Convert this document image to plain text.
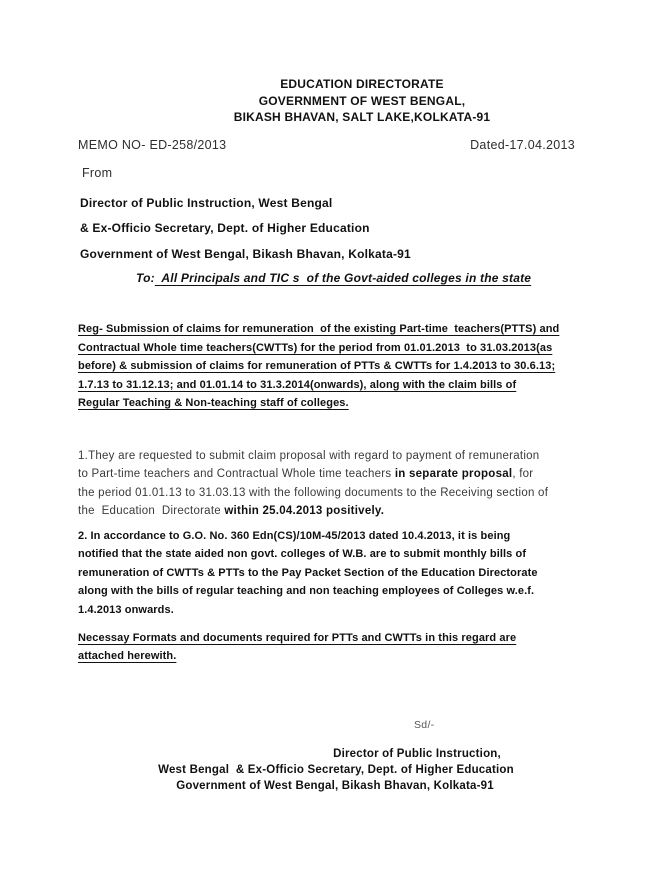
EDUCATION DIRECTORATE
GOVERNMENT OF WEST BENGAL,
BIKASH BHAVAN, SALT LAKE,KOLKATA-91
MEMO NO- ED-258/2013	Dated-17.04.2013
From
Director of Public Instruction, West Bengal
& Ex-Officio Secretary, Dept. of Higher Education
Government of West Bengal, Bikash Bhavan, Kolkata-91
To:  All Principals and TIC s  of the Govt-aided colleges in the state
Reg- Submission of claims for remuneration  of the existing Part-time  teachers(PTTS) and
Contractual Whole time teachers(CWTTs) for the period from 01.01.2013  to 31.03.2013(as
before) & submission of claims for remuneration of PTTs & CWTTs for 1.4.2013 to 30.6.13;
1.7.13 to 31.12.13; and 01.01.14 to 31.3.2014(onwards), along with the claim bills of
Regular Teaching & Non-teaching staff of colleges.
1.They are requested to submit claim proposal with regard to payment of remuneration
to Part-time teachers and Contractual Whole time teachers in separate proposal, for
the period 01.01.13 to 31.03.13 with the following documents to the Receiving section of
the  Education  Directorate within 25.04.2013 positively.
2. In accordance to G.O. No. 360 Edn(CS)/10M-45/2013 dated 10.4.2013, it is being
notified that the state aided non govt. colleges of W.B. are to submit monthly bills of
remuneration of CWTTs & PTTs to the Pay Packet Section of the Education Directorate
along with the bills of regular teaching and non teaching employees of Colleges w.e.f.
1.4.2013 onwards.
Necessay Formats and documents required for PTTs and CWTTs in this regard are
attached herewith.
Sd/-
Director of Public Instruction,
West Bengal  & Ex-Officio Secretary, Dept. of Higher Education
Government of West Bengal, Bikash Bhavan, Kolkata-91
